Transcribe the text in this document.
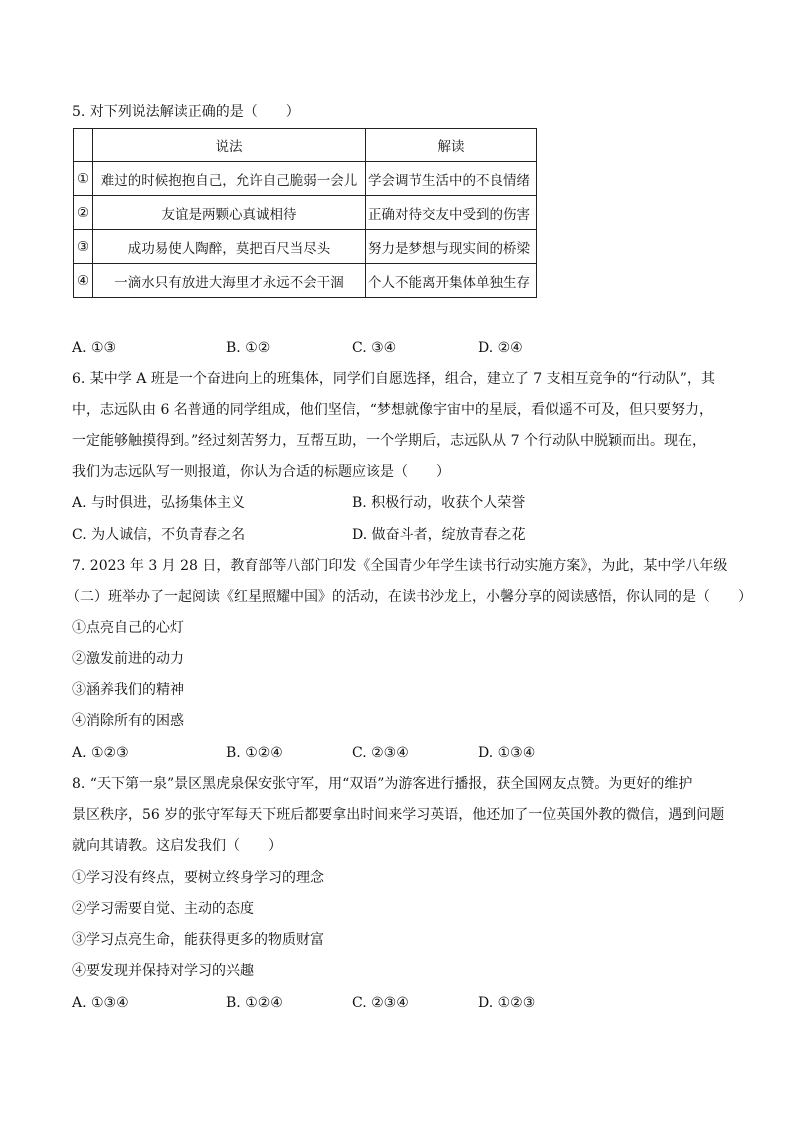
5. 对下列说法解读正确的是（　　）
	说法	解读
①	难过的时候抱抱自己，允许自己脆弱一会儿	学会调节生活中的不良情绪
②	友谊是两颗心真诚相待	正确对待交友中受到的伤害
③	成功易使人陶醉，莫把百尺当尽头	努力是梦想与现实间的桥梁
④	一滴水只有放进大海里才永远不会干涸	个人不能离开集体单独生存
A. ①③	B. ①②	C. ③④	D. ②④
6. 某中学 A 班是一个奋进向上的班集体，同学们自愿选择，组合，建立了 7 支相互竞争的“行动队”，其
中，志远队由 6 名普通的同学组成，他们坚信，“梦想就像宇宙中的星辰，看似遥不可及，但只要努力，
一定能够触摸得到。”经过刻苦努力，互帮互助，一个学期后，志远队从 7 个行动队中脱颖而出。现在，
我们为志远队写一则报道，你认为合适的标题应该是（　　）
A. 与时俱进，弘扬集体主义	B. 积极行动，收获个人荣誉
C. 为人诚信，不负青春之名	D. 做奋斗者，绽放青春之花
7. 2023 年 3 月 28 日，教育部等八部门印发《全国青少年学生读书行动实施方案》，为此，某中学八年级
（二）班举办了一起阅读《红星照耀中国》的活动，在读书沙龙上，小馨分享的阅读感悟，你认同的是（　　）
①点亮自己的心灯
②激发前进的动力
③涵养我们的精神
④消除所有的困惑
A. ①②③	B. ①②④	C. ②③④	D. ①③④
8. “天下第一泉”景区黑虎泉保安张守军，用“双语”为游客进行播报，获全国网友点赞。为更好的维护
景区秩序，56 岁的张守军每天下班后都要拿出时间来学习英语，他还加了一位英国外教的微信，遇到问题
就向其请教。这启发我们（　　）
①学习没有终点，要树立终身学习的理念
②学习需要自觉、主动的态度
③学习点亮生命，能获得更多的物质财富
④要发现并保持对学习的兴趣
A. ①③④	B. ①②④	C. ②③④	D. ①②③
